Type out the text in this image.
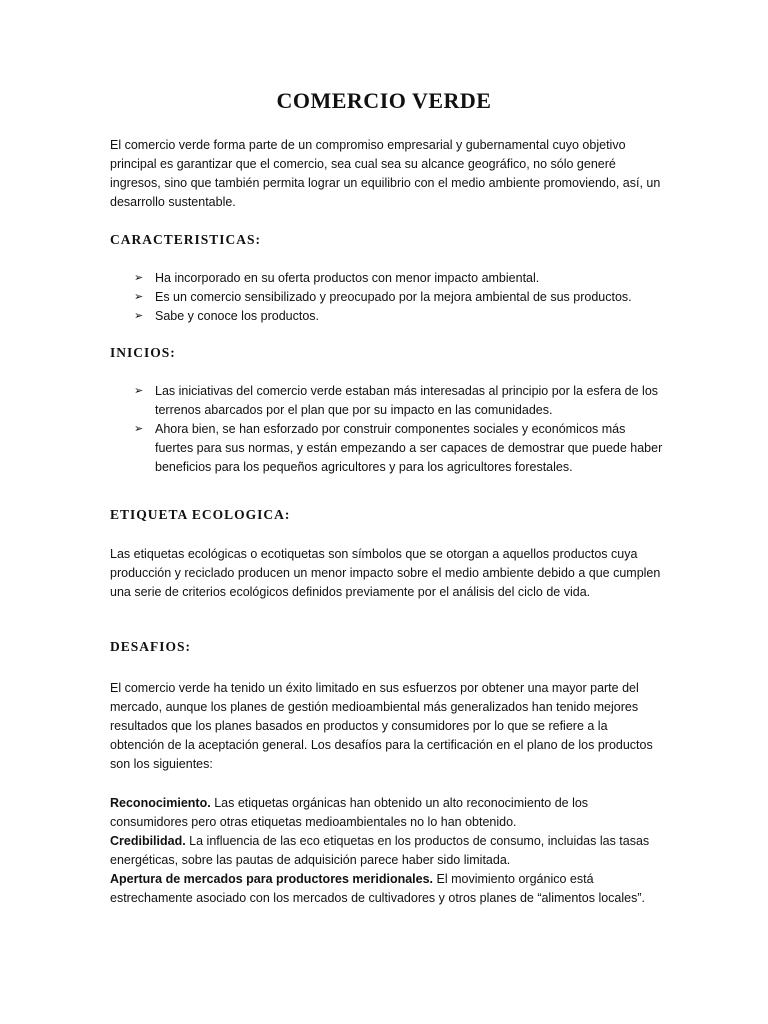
COMERCIO VERDE

El comercio verde forma parte de un compromiso empresarial y gubernamental cuyo objetivo principal es garantizar que el comercio, sea cual sea su alcance geográfico, no sólo generé ingresos, sino que también permita lograr un equilibrio con el medio ambiente promoviendo, así, un desarrollo sustentable.

CARACTERISTICAS:
➢ Ha incorporado en su oferta productos con menor impacto ambiental.
➢ Es un comercio sensibilizado y preocupado por la mejora ambiental de sus productos.
➢ Sabe y conoce los productos.
INICIOS:
➢ Las iniciativas del comercio verde estaban más interesadas al principio por la esfera de los terrenos abarcados por el plan que por su impacto en las comunidades.
➢ Ahora bien, se han esforzado por construir componentes sociales y económicos más fuertes para sus normas, y están empezando a ser capaces de demostrar que puede haber beneficios para los pequeños agricultores y para los agricultores forestales.
ETIQUETA ECOLOGICA:

Las etiquetas ecológicas o ecotiquetas son símbolos que se otorgan a aquellos productos cuya producción y reciclado producen un menor impacto sobre el medio ambiente debido a que cumplen una serie de criterios ecológicos definidos previamente por el análisis del ciclo de vida.

DESAFIOS:

El comercio verde ha tenido un éxito limitado en sus esfuerzos por obtener una mayor parte del mercado, aunque los planes de gestión medioambiental más generalizados han tenido mejores resultados que los planes basados en productos y consumidores por lo que se refiere a la obtención de la aceptación general. Los desafíos para la certificación en el plano de los productos son los siguientes:

Reconocimiento. Las etiquetas orgánicas han obtenido un alto reconocimiento de los consumidores pero otras etiquetas medioambientales no lo han obtenido.

Credibilidad. La influencia de las eco etiquetas en los productos de consumo, incluidas las tasas energéticas, sobre las pautas de adquisición parece haber sido limitada.

Apertura de mercados para productores meridionales. El movimiento orgánico está estrechamente asociado con los mercados de cultivadores y otros planes de “alimentos locales”.
